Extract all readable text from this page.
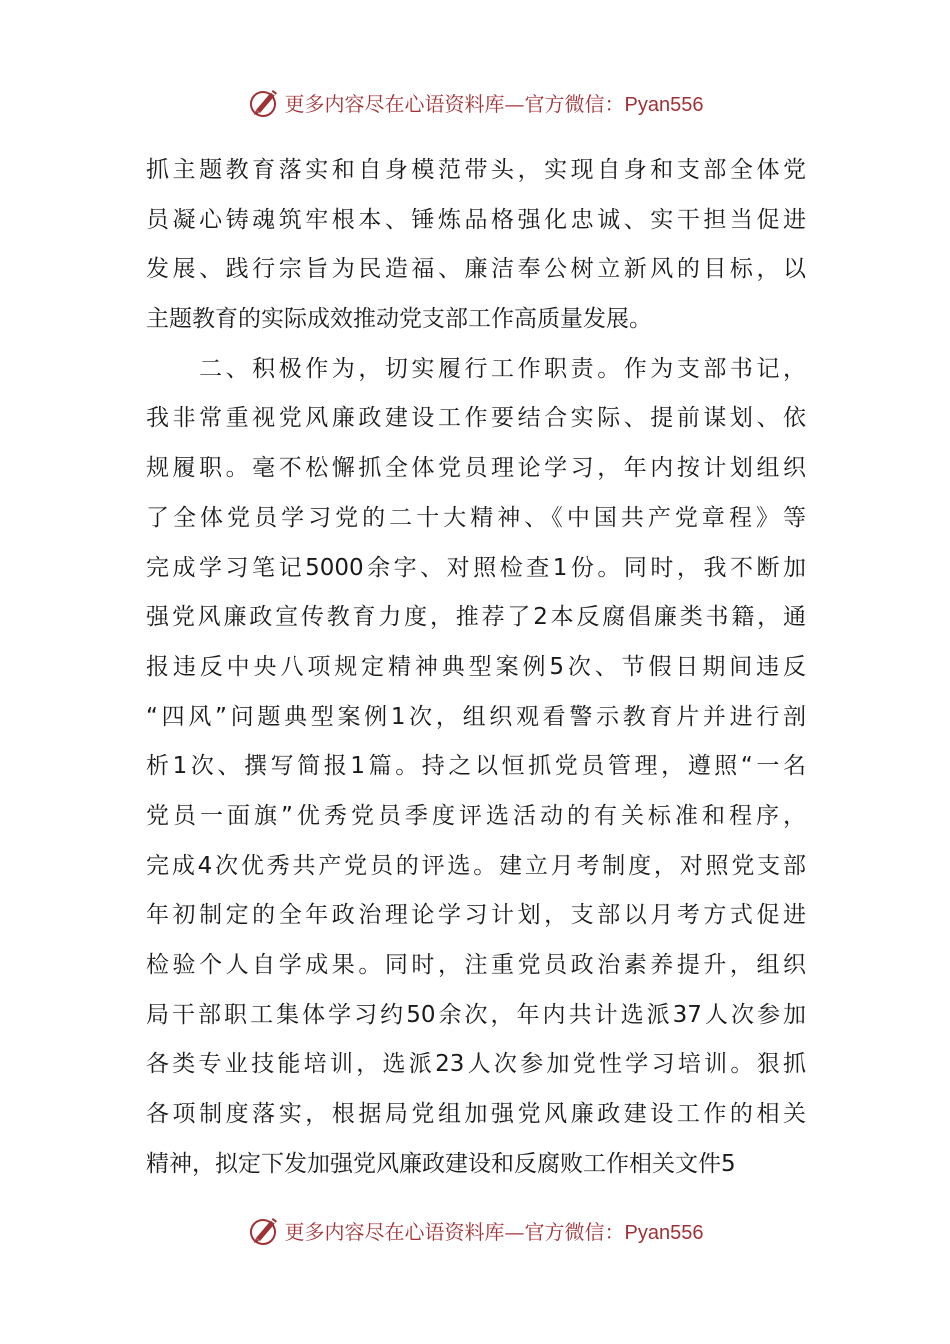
更多内容尽在心语资料库—官方微信：Pyan556
抓主题教育落实和自身模范带头，实现自身和支部全体党
员凝心铸魂筑牢根本、锤炼品格强化忠诚、实干担当促进
发展、践行宗旨为民造福、廉洁奉公树立新风的目标，以
主题教育的实际成效推动党支部工作高质量发展。
　　二、积极作为，切实履行工作职责。作为支部书记，
我非常重视党风廉政建设工作要结合实际、提前谋划、依
规履职。毫不松懈抓全体党员理论学习，年内按计划组织
了全体党员学习党的二十大精神、《中国共产党章程》等
完成学习笔记5000余字、对照检查1份。同时，我不断加
强党风廉政宣传教育力度，推荐了2本反腐倡廉类书籍，通
报违反中央八项规定精神典型案例5次、节假日期间违反
“四风”问题典型案例1次，组织观看警示教育片并进行剖
析1次、撰写简报1篇。持之以恒抓党员管理，遵照“一名
党员一面旗”优秀党员季度评选活动的有关标准和程序，
完成4次优秀共产党员的评选。建立月考制度，对照党支部
年初制定的全年政治理论学习计划，支部以月考方式促进
检验个人自学成果。同时，注重党员政治素养提升，组织
局干部职工集体学习约50余次，年内共计选派37人次参加
各类专业技能培训，选派23人次参加党性学习培训。狠抓
各项制度落实，根据局党组加强党风廉政建设工作的相关
精神，拟定下发加强党风廉政建设和反腐败工作相关文件5
更多内容尽在心语资料库—官方微信：Pyan556
